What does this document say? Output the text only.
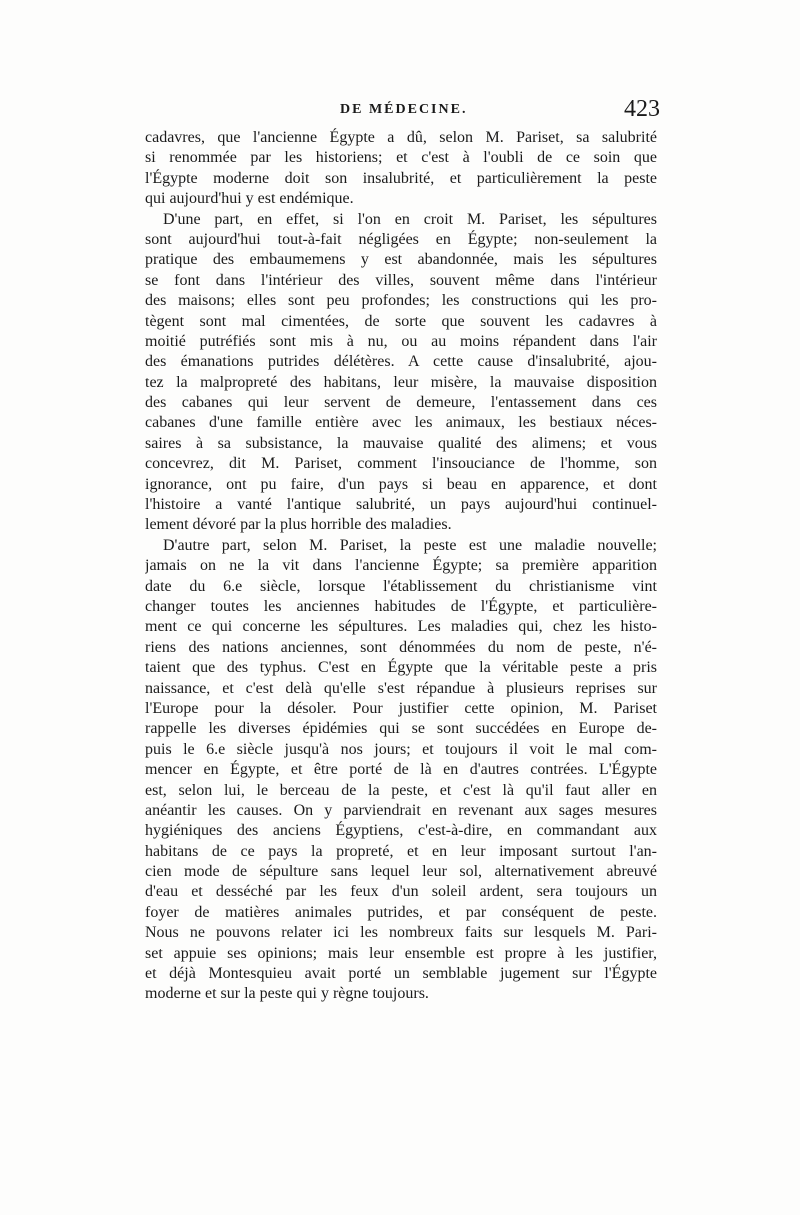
DE MÉDECINE.	423
cadavres, que l'ancienne Égypte a dû, selon M. Pariset, sa salubrité
si renommée par les historiens; et c'est à l'oubli de ce soin que
l'Égypte moderne doit son insalubrité, et particulièrement la peste
qui aujourd'hui y est endémique.
D'une part, en effet, si l'on en croit M. Pariset, les sépultures
sont aujourd'hui tout-à-fait négligées en Égypte; non-seulement la
pratique des embaumemens y est abandonnée, mais les sépultures
se font dans l'intérieur des villes, souvent même dans l'intérieur
des maisons; elles sont peu profondes; les constructions qui les pro-
tègent sont mal cimentées, de sorte que souvent les cadavres à
moitié putréfiés sont mis à nu, ou au moins répandent dans l'air
des émanations putrides délétères. A cette cause d'insalubrité, ajou-
tez la malpropreté des habitans, leur misère, la mauvaise disposition
des cabanes qui leur servent de demeure, l'entassement dans ces
cabanes d'une famille entière avec les animaux, les bestiaux néces-
saires à sa subsistance, la mauvaise qualité des alimens; et vous
concevrez, dit M. Pariset, comment l'insouciance de l'homme, son
ignorance, ont pu faire, d'un pays si beau en apparence, et dont
l'histoire a vanté l'antique salubrité, un pays aujourd'hui continuel-
lement dévoré par la plus horrible des maladies.
D'autre part, selon M. Pariset, la peste est une maladie nouvelle;
jamais on ne la vit dans l'ancienne Égypte; sa première apparition
date du 6.e siècle, lorsque l'établissement du christianisme vint
changer toutes les anciennes habitudes de l'Égypte, et particulière-
ment ce qui concerne les sépultures. Les maladies qui, chez les histo-
riens des nations anciennes, sont dénommées du nom de peste, n'é-
taient que des typhus. C'est en Égypte que la véritable peste a pris
naissance, et c'est delà qu'elle s'est répandue à plusieurs reprises sur
l'Europe pour la désoler. Pour justifier cette opinion, M. Pariset
rappelle les diverses épidémies qui se sont succédées en Europe de-
puis le 6.e siècle jusqu'à nos jours; et toujours il voit le mal com-
mencer en Égypte, et être porté de là en d'autres contrées. L'Égypte
est, selon lui, le berceau de la peste, et c'est là qu'il faut aller en
anéantir les causes. On y parviendrait en revenant aux sages mesures
hygiéniques des anciens Égyptiens, c'est-à-dire, en commandant aux
habitans de ce pays la propreté, et en leur imposant surtout l'an-
cien mode de sépulture sans lequel leur sol, alternativement abreuvé
d'eau et desséché par les feux d'un soleil ardent, sera toujours un
foyer de matières animales putrides, et par conséquent de peste.
Nous ne pouvons relater ici les nombreux faits sur lesquels M. Pari-
set appuie ses opinions; mais leur ensemble est propre à les justifier,
et déjà Montesquieu avait porté un semblable jugement sur l'Égypte
moderne et sur la peste qui y règne toujours.
